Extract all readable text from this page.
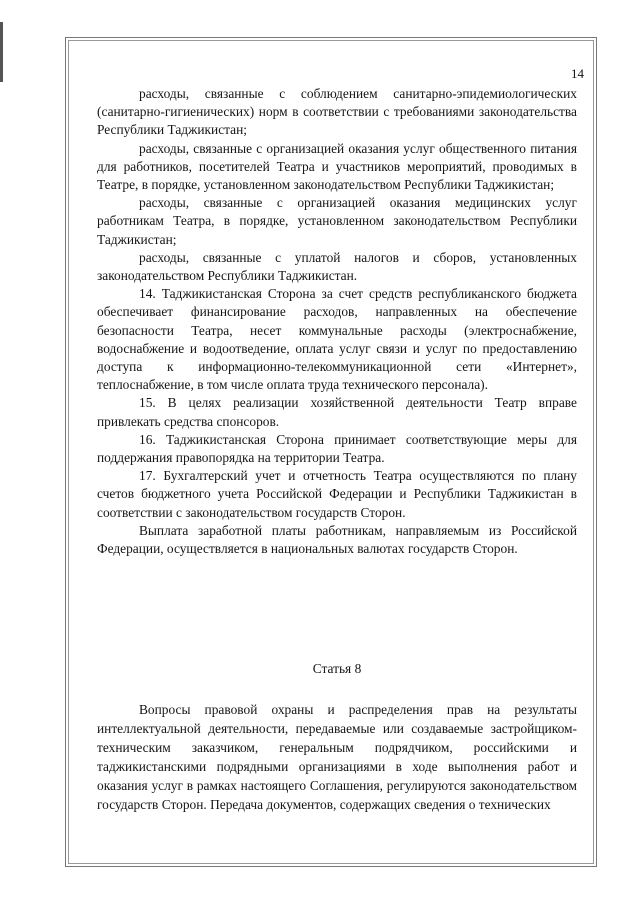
14

расходы, связанные с соблюдением санитарно-эпидемиологических (санитарно-гигиенических) норм в соответствии с требованиями законодательства Республики Таджикистан;

расходы, связанные с организацией оказания услуг общественного питания для работников, посетителей Театра и участников мероприятий, проводимых в Театре, в порядке, установленном законодательством Республики Таджикистан;

расходы, связанные с организацией оказания медицинских услуг работникам Театра, в порядке, установленном законодательством Республики Таджикистан;

расходы, связанные с уплатой налогов и сборов, установленных законодательством Республики Таджикистан.

14. Таджикистанская Сторона за счет средств республиканского бюджета обеспечивает финансирование расходов, направленных на обеспечение безопасности Театра, несет коммунальные расходы (электроснабжение, водоснабжение и водоотведение, оплата услуг связи и услуг по предоставлению доступа к информационно-телекоммуникационной сети «Интернет», теплоснабжение, в том числе оплата труда технического персонала).

15. В целях реализации хозяйственной деятельности Театр вправе привлекать средства спонсоров.

16. Таджикистанская Сторона принимает соответствующие меры для поддержания правопорядка на территории Театра.

17. Бухгалтерский учет и отчетность Театра осуществляются по плану счетов бюджетного учета Российской Федерации и Республики Таджикистан в соответствии с законодательством государств Сторон.

Выплата заработной платы работникам, направляемым из Российской Федерации, осуществляется в национальных валютах государств Сторон.

Статья 8

Вопросы правовой охраны и распределения прав на результаты интеллектуальной деятельности, передаваемые или создаваемые застройщиком-техническим заказчиком, генеральным подрядчиком, российскими и таджикистанскими подрядными организациями в ходе выполнения работ и оказания услуг в рамках настоящего Соглашения, регулируются законодательством государств Сторон. Передача документов, содержащих сведения о технических
